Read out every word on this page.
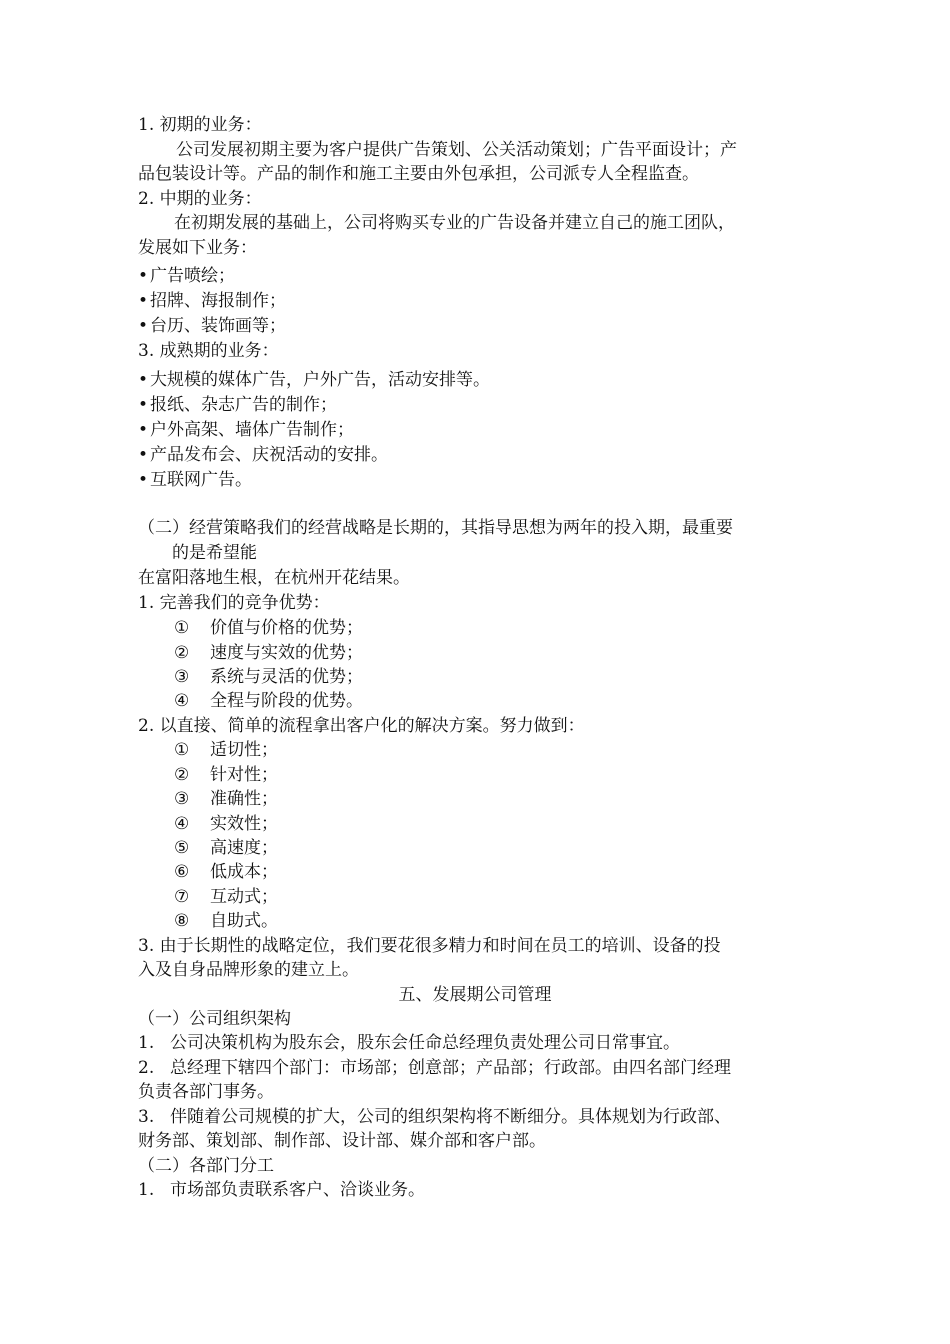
1. 初期的业务：
公司发展初期主要为客户提供广告策划、公关活动策划；广告平面设计；产
品包装设计等。产品的制作和施工主要由外包承担，公司派专人全程监查。
2. 中期的业务：
在初期发展的基础上，公司将购买专业的广告设备并建立自己的施工团队，
发展如下业务：
• 广告喷绘；
• 招牌、海报制作；
• 台历、装饰画等；
3. 成熟期的业务：
• 大规模的媒体广告，户外广告，活动安排等。
• 报纸、杂志广告的制作；
• 户外高架、墙体广告制作；
• 产品发布会、庆祝活动的安排。
• 互联网广告。
（二）经营策略我们的经营战略是长期的，其指导思想为两年的投入期，最重要
的是希望能
在富阳落地生根，在杭州开花结果。
1. 完善我们的竞争优势：
① 价值与价格的优势；
② 速度与实效的优势；
③ 系统与灵活的优势；
④ 全程与阶段的优势。
2. 以直接、简单的流程拿出客户化的解决方案。努力做到：
① 适切性；
② 针对性；
③ 准确性；
④ 实效性；
⑤ 高速度；
⑥ 低成本；
⑦ 互动式；
⑧ 自助式。
3. 由于长期性的战略定位，我们要花很多精力和时间在员工的培训、设备的投
入及自身品牌形象的建立上。
五、发展期公司管理
（一）公司组织架构
1. 公司决策机构为股东会，股东会任命总经理负责处理公司日常事宜。
2. 总经理下辖四个部门：市场部；创意部；产品部；行政部。由四名部门经理
负责各部门事务。
3. 伴随着公司规模的扩大，公司的组织架构将不断细分。具体规划为行政部、
财务部、策划部、制作部、设计部、媒介部和客户部。
（二）各部门分工
1. 市场部负责联系客户、洽谈业务。
